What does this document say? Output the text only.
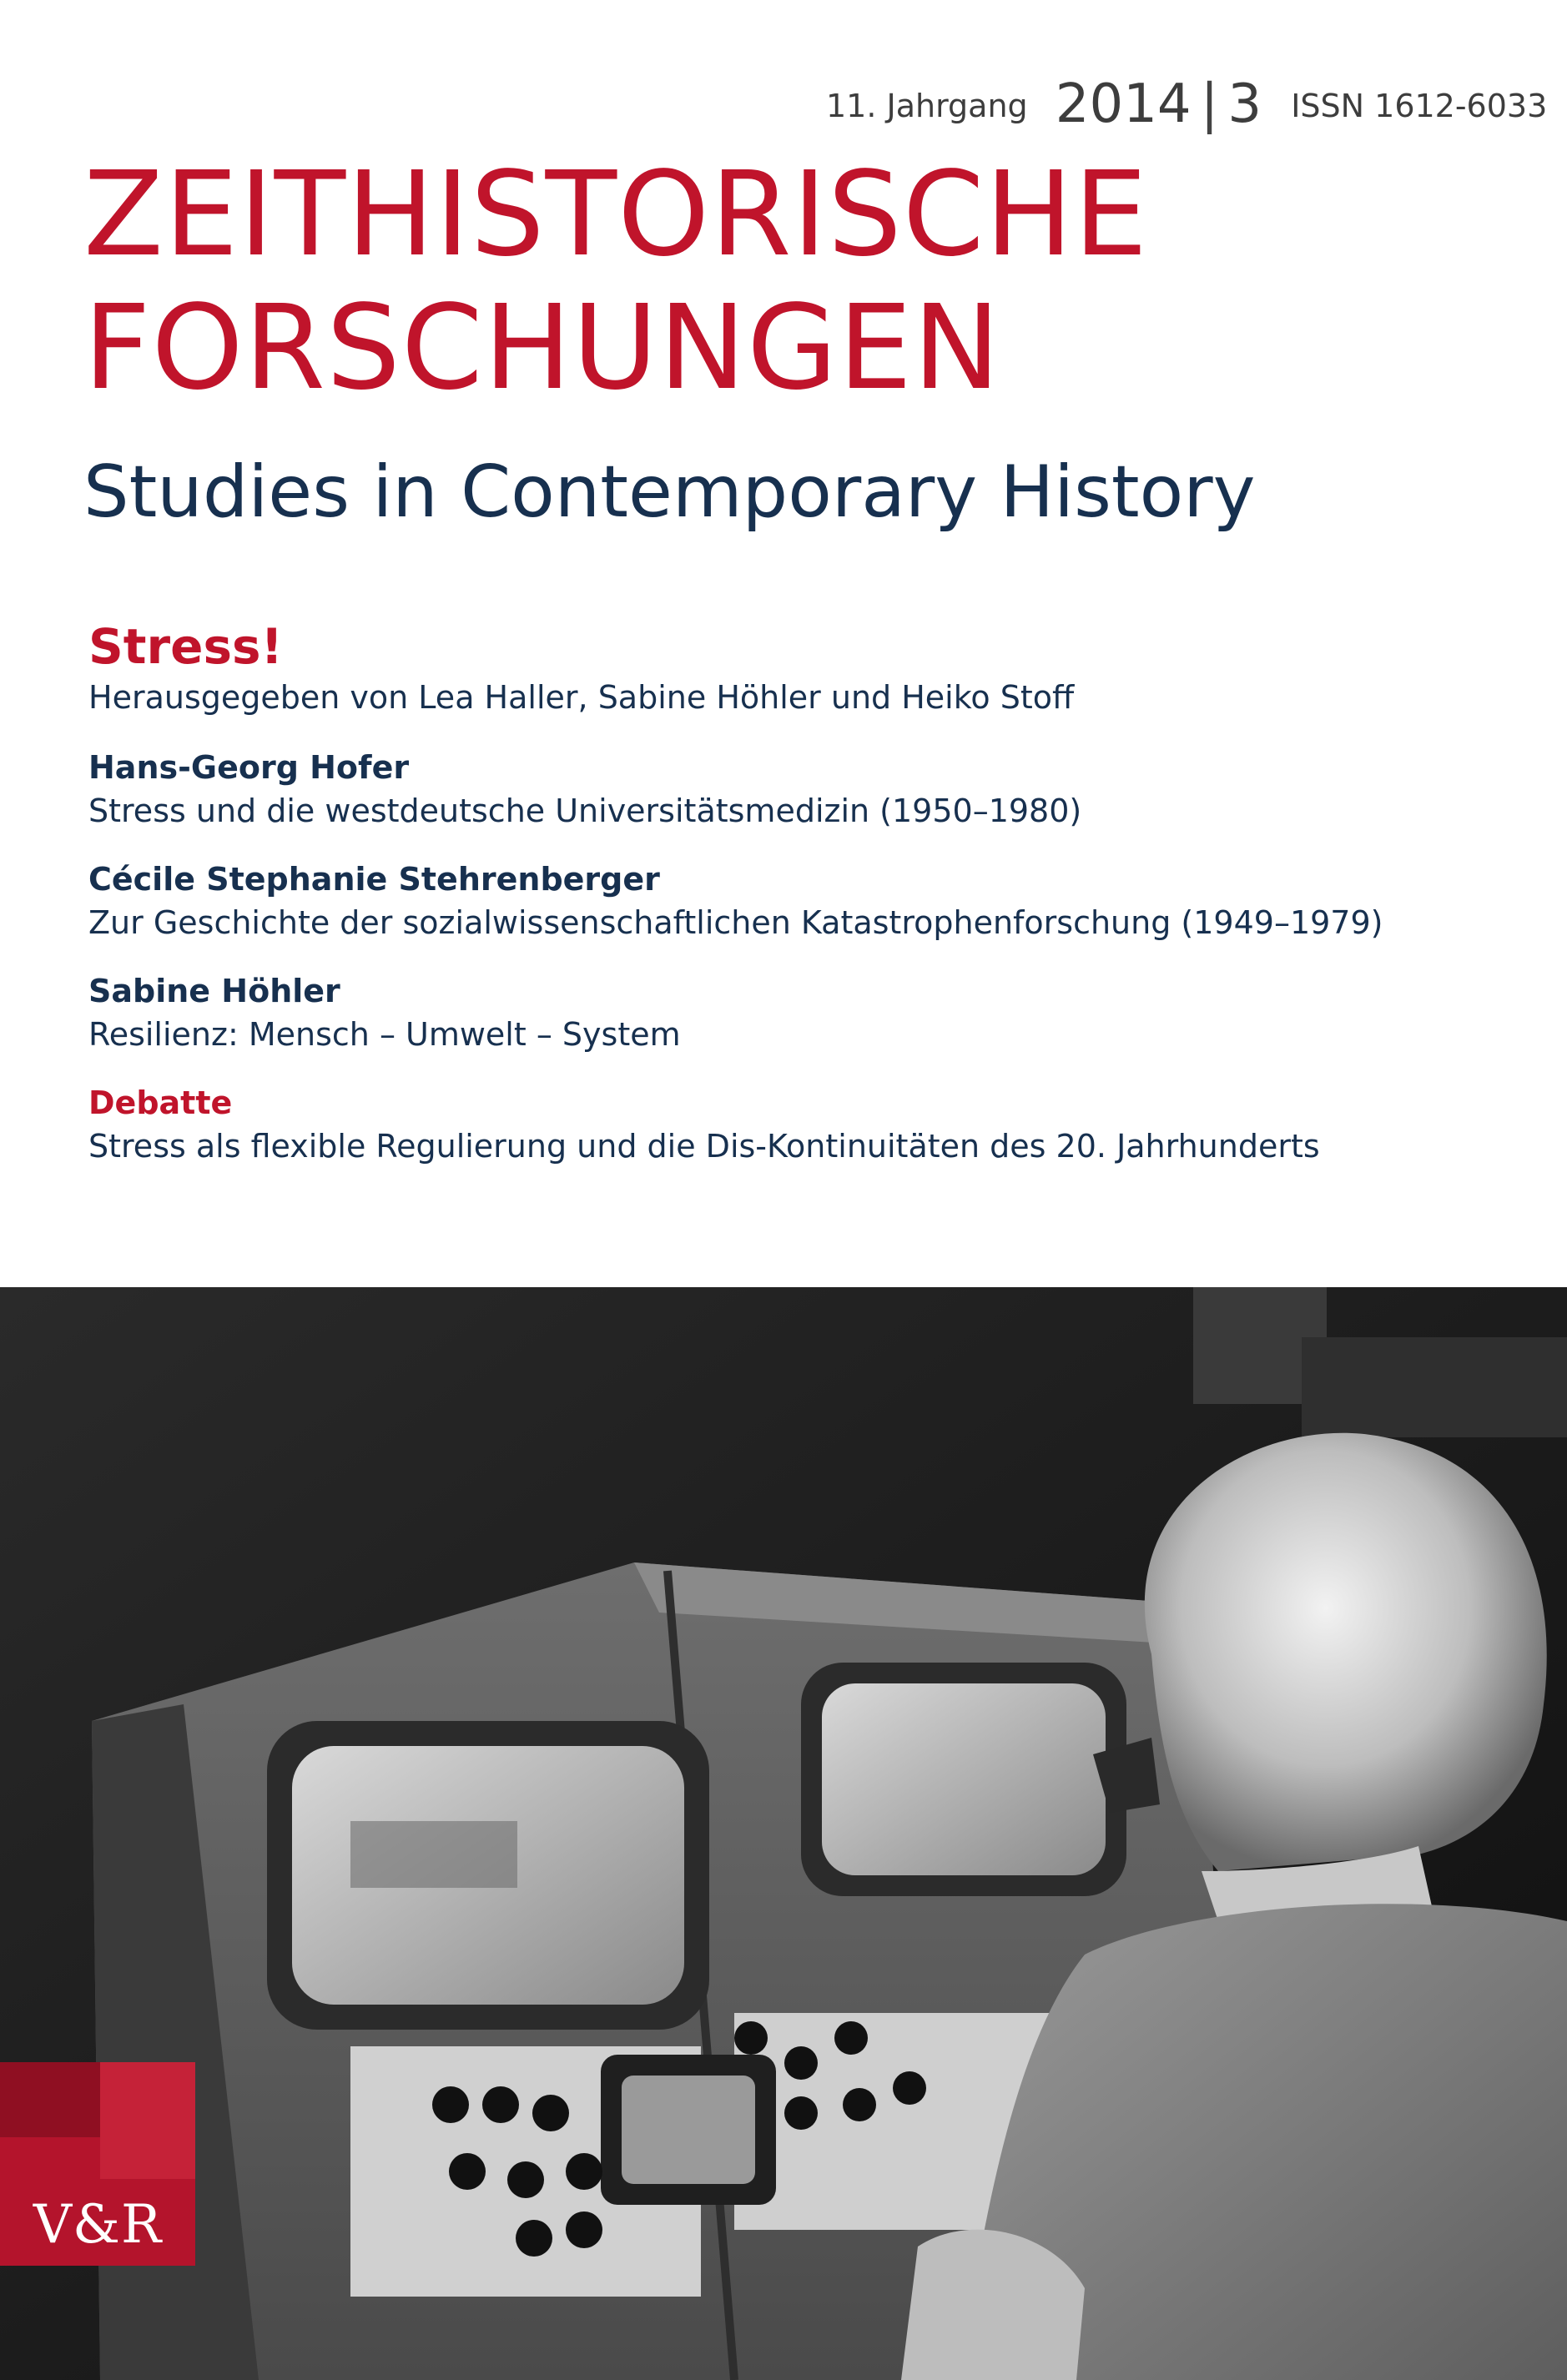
11. Jahrgang 2014 | 3 ISSN 1612-6033
ZEITHISTORISCHE
FORSCHUNGEN
Studies in Contemporary History
Stress!

Herausgegeben von Lea Haller, Sabine Höhler und Heiko Stoff

Hans-Georg Hofer
Stress und die westdeutsche Universitätsmedizin (1950–1980)
Cécile Stephanie Stehrenberger
Zur Geschichte der sozialwissenschaftlichen Katastrophenforschung (1949–1979)
Sabine Höhler
Resilienz: Mensch – Umwelt – System
Debatte
Stress als flexible Regulierung und die Dis-Kontinuitäten des 20. Jahrhunderts
V&R
